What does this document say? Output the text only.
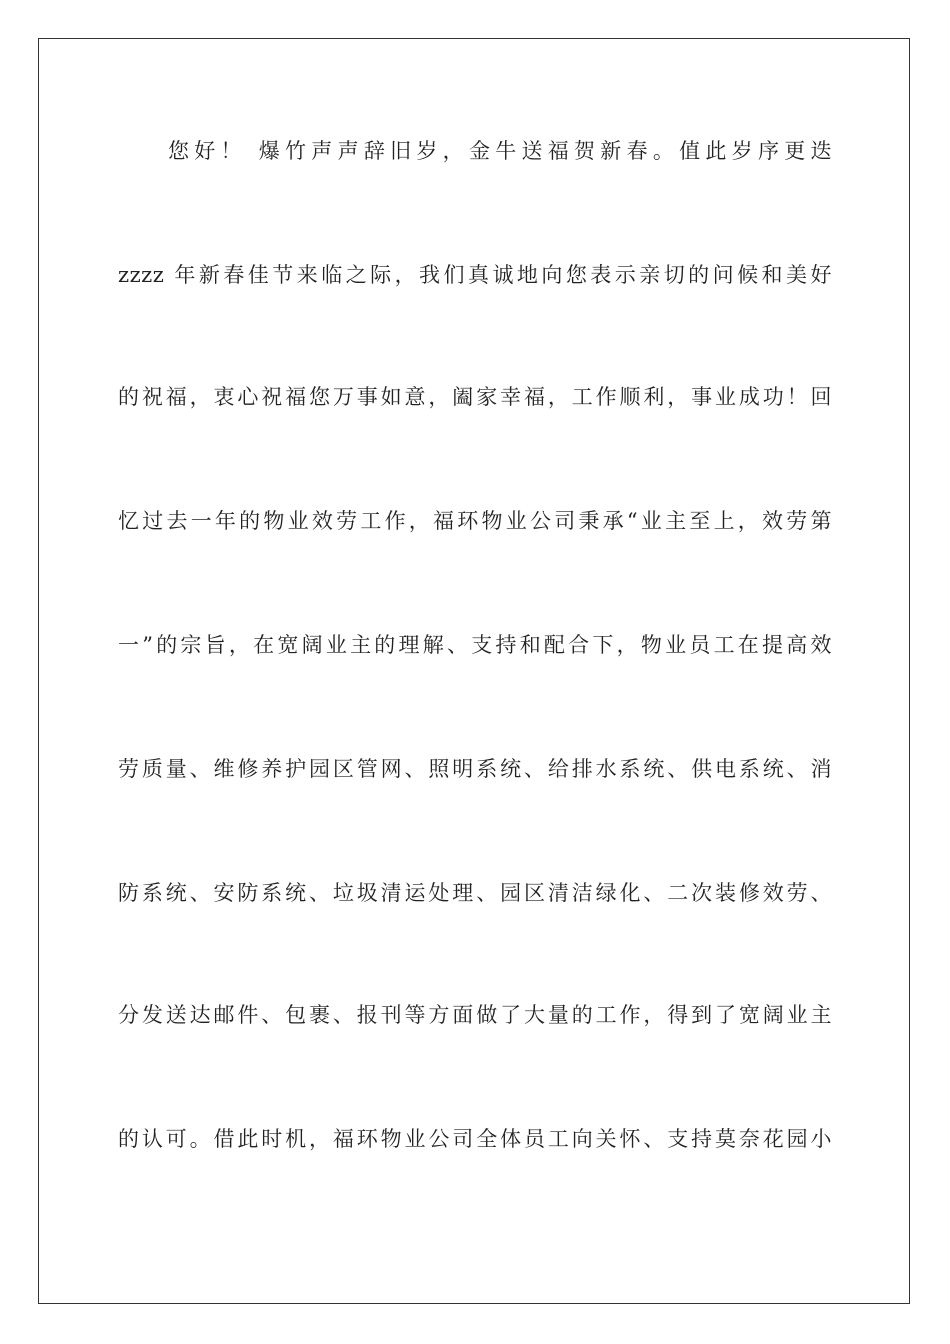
您好！ 爆竹声声辞旧岁，金牛送福贺新春。值此岁序更迭
zzzz 年新春佳节来临之际，我们真诚地向您表示亲切的问候和美好
的祝福，衷心祝福您万事如意，阖家幸福，工作顺利，事业成功！回
忆过去一年的物业效劳工作，福环物业公司秉承“业主至上，效劳第
一”的宗旨，在宽阔业主的理解、支持和配合下，物业员工在提高效
劳质量、维修养护园区管网、照明系统、给排水系统、供电系统、消
防系统、安防系统、垃圾清运处理、园区清洁绿化、二次装修效劳、
分发送达邮件、包裹、报刊等方面做了大量的工作，得到了宽阔业主
的认可。借此时机，福环物业公司全体员工向关怀、支持莫奈花园小
